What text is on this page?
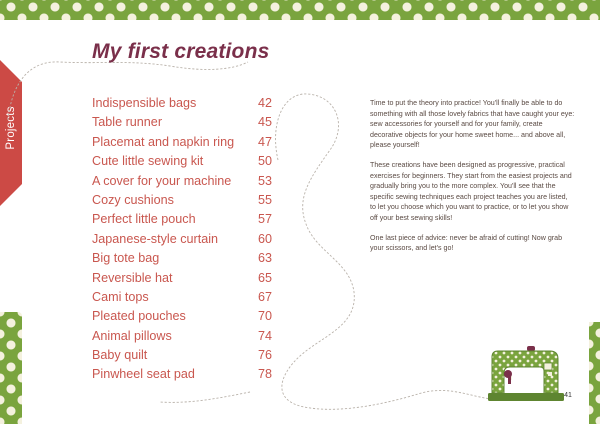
Projects
My first creations
Indispensible bags	42
Table runner	45
Placemat and napkin ring 47
Cute little sewing kit	50
A cover for your machine 53
Cozy cushions	55
Perfect little pouch	57
Japanese-style curtain	60
Big tote bag	63
Reversible hat	65
Cami tops	67
Pleated pouches	70
Animal pillows	74
Baby quilt	76
Pinwheel seat pad	78

Time to put the theory into practice! You'll finally be able to do something with all those lovely fabrics that have caught your eye: sew accessories for yourself and for your family, create decorative objects for your home sweet home... and above all, please yourself!

These creations have been designed as progressive, practical exercises for beginners. They start from the easiest projects and gradually bring you to the more complex. You'll see that the specific sewing techniques each project teaches you are listed, to let you choose which you want to practice, or to let you show off your best sewing skills!

One last piece of advice: never be afraid of cutting! Now grab your scissors, and let's go!

41
